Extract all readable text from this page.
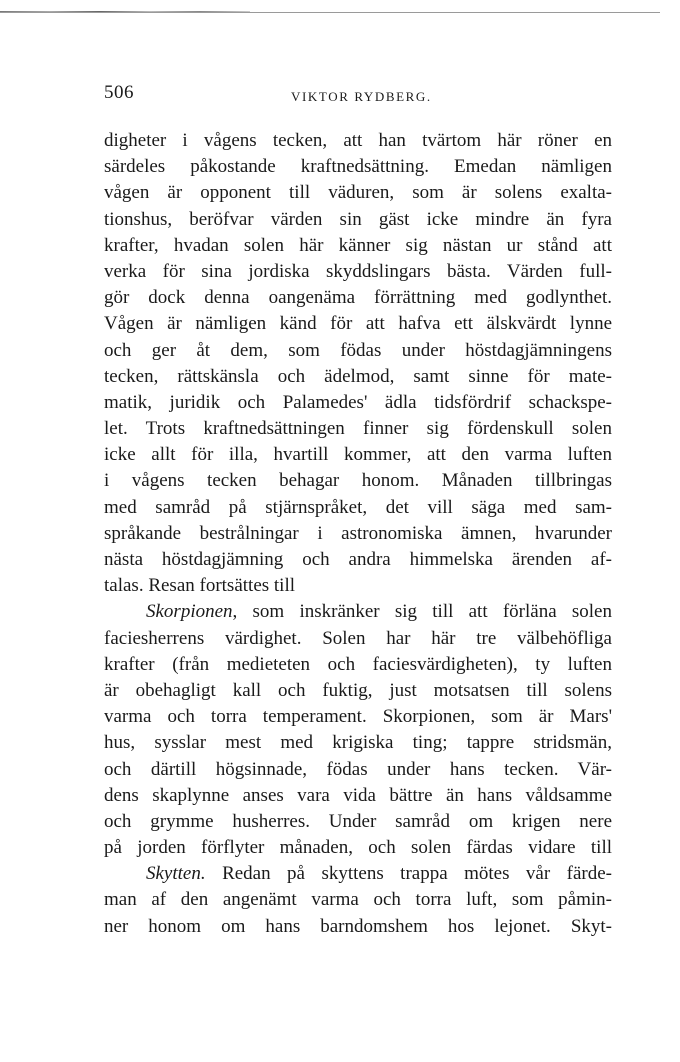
506	VIKTOR RYDBERG.
digheter i vågens tecken, att han tvärtom här röner en
särdeles påkostande kraftnedsättning. Emedan nämligen
vågen är opponent till väduren, som är solens exalta-
tionshus, beröfvar värden sin gäst icke mindre än fyra
krafter, hvadan solen här känner sig nästan ur stånd att
verka för sina jordiska skyddslingars bästa. Värden full-
gör dock denna oangenäma förrättning med godlynthet.
Vågen är nämligen känd för att hafva ett älskvärdt lynne
och ger åt dem, som födas under höstdagjämningens
tecken, rättskänsla och ädelmod, samt sinne för mate-
matik, juridik och Palamedes' ädla tidsfördrif schackspe-
let. Trots kraftnedsättningen finner sig fördenskull solen
icke allt för illa, hvartill kommer, att den varma luften
i vågens tecken behagar honom. Månaden tillbringas
med samråd på stjärnspråket, det vill säga med sam-
språkande bestrålningar i astronomiska ämnen, hvarunder
nästa höstdagjämning och andra himmelska ärenden af-
talas. Resan fortsättes till
Skorpionen, som inskränker sig till att förläna solen
faciesherrens värdighet. Solen har här tre välbehöfliga
krafter (från medieteten och faciesvärdigheten), ty luften
är obehagligt kall och fuktig, just motsatsen till solens
varma och torra temperament. Skorpionen, som är Mars'
hus, sysslar mest med krigiska ting; tappre stridsmän,
och därtill högsinnade, födas under hans tecken. Vär-
dens skaplynne anses vara vida bättre än hans våldsamme
och grymme husherres. Under samråd om krigen nere
på jorden förflyter månaden, och solen färdas vidare till
Skytten. Redan på skyttens trappa mötes vår färde-
man af den angenämt varma och torra luft, som påmin-
ner honom om hans barndomshem hos lejonet. Skyt-
